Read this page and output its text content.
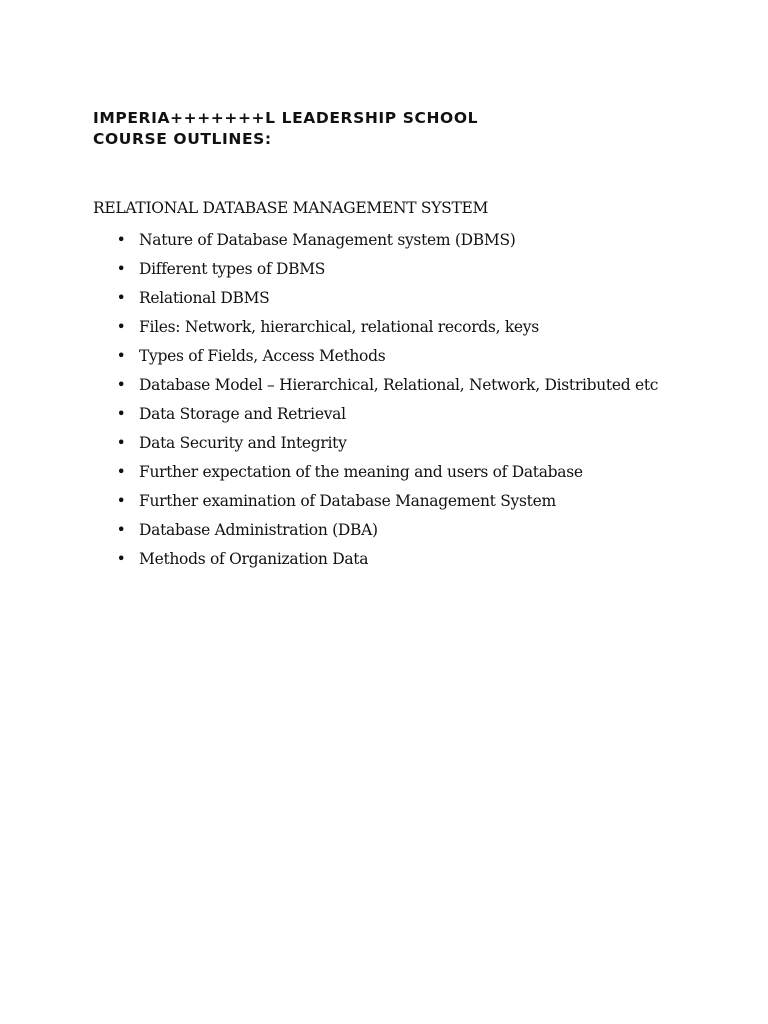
IMPERIA+++++++L LEADERSHIP SCHOOL
COURSE OUTLINES:

RELATIONAL DATABASE MANAGEMENT SYSTEM

• Nature of Database Management system (DBMS)
• Different types of DBMS
• Relational DBMS
• Files: Network, hierarchical, relational records, keys
• Types of Fields, Access Methods
• Database Model – Hierarchical, Relational, Network, Distributed etc
• Data Storage and Retrieval
• Data Security and Integrity
• Further expectation of the meaning and users of Database
• Further examination of Database Management System
• Database Administration (DBA)
• Methods of Organization Data
